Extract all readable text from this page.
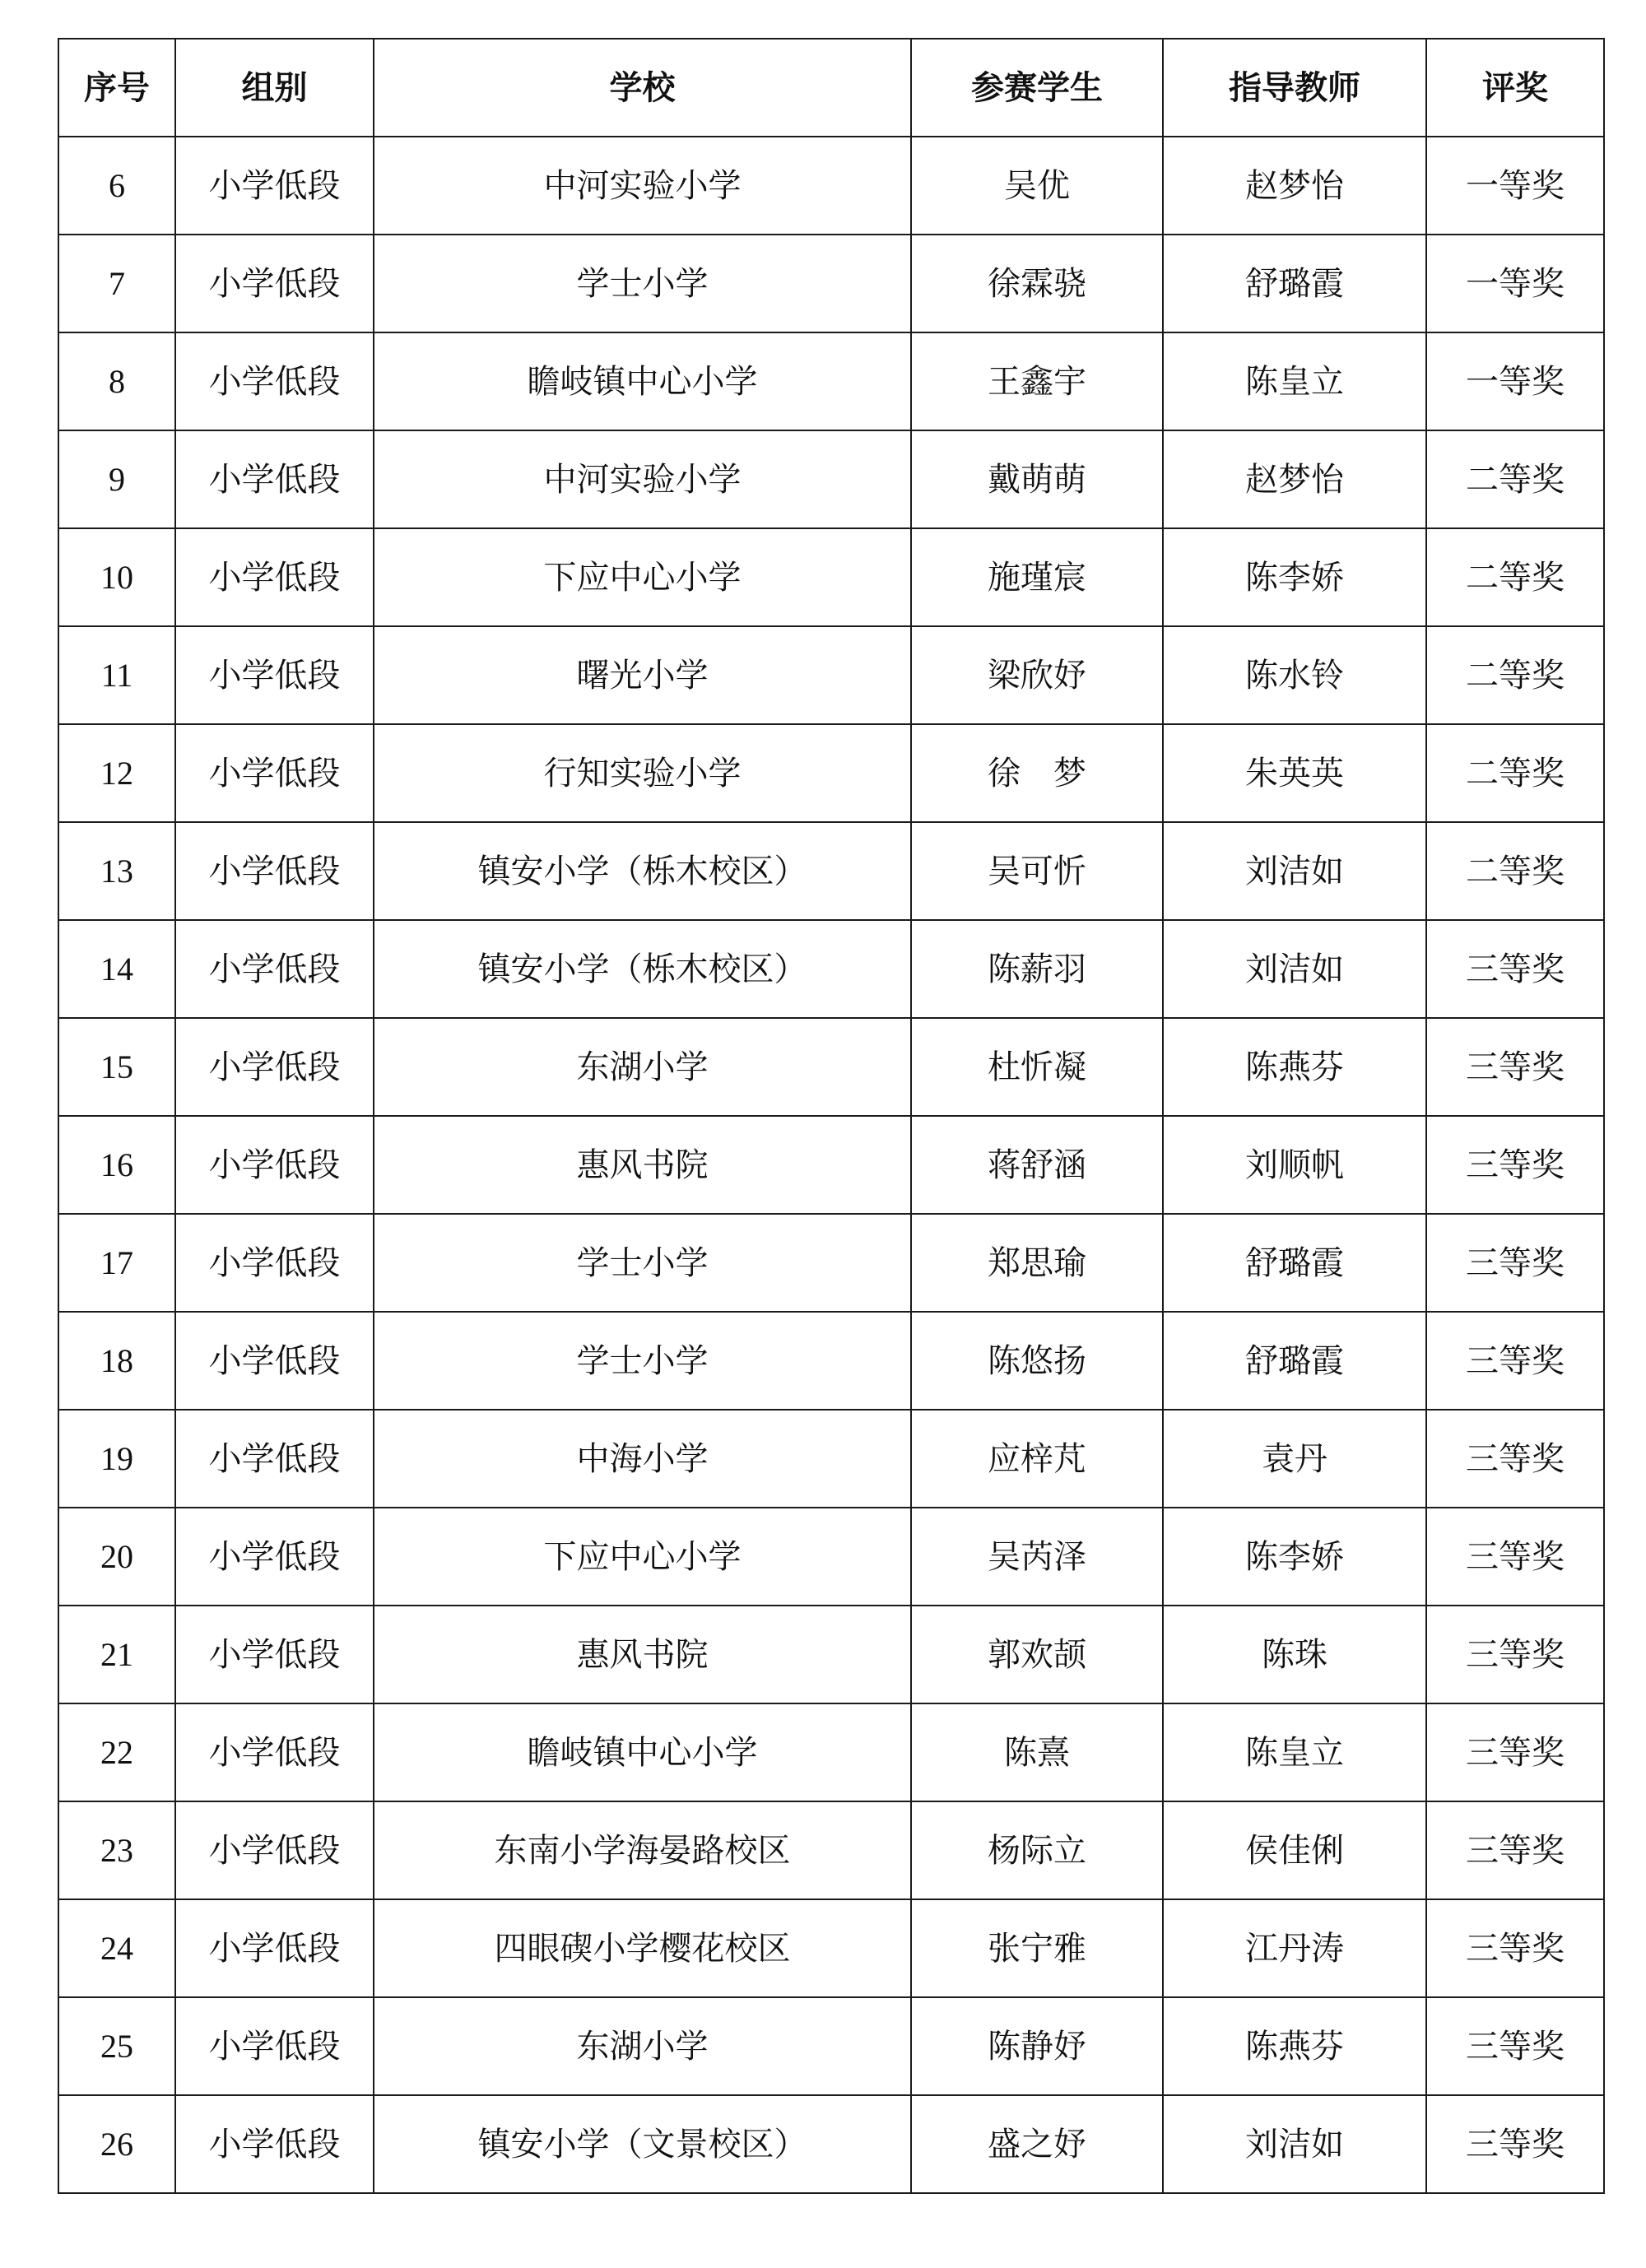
序号	组别	学校	参赛学生	指导教师	评奖
6	小学低段	中河实验小学	吴优	赵梦怡	一等奖
7	小学低段	学士小学	徐霖骁	舒璐霞	一等奖
8	小学低段	瞻岐镇中心小学	王鑫宇	陈皇立	一等奖
9	小学低段	中河实验小学	戴萌萌	赵梦怡	二等奖
10	小学低段	下应中心小学	施瑾宸	陈李娇	二等奖
11	小学低段	曙光小学	梁欣妤	陈水铃	二等奖
12	小学低段	行知实验小学	徐　梦	朱英英	二等奖
13	小学低段	镇安小学（栎木校区）	吴可忻	刘洁如	二等奖
14	小学低段	镇安小学（栎木校区）	陈薪羽	刘洁如	三等奖
15	小学低段	东湖小学	杜忻凝	陈燕芬	三等奖
16	小学低段	惠风书院	蒋舒涵	刘顺帆	三等奖
17	小学低段	学士小学	郑思瑜	舒璐霞	三等奖
18	小学低段	学士小学	陈悠扬	舒璐霞	三等奖
19	小学低段	中海小学	应梓芃	袁丹	三等奖
20	小学低段	下应中心小学	吴芮泽	陈李娇	三等奖
21	小学低段	惠风书院	郭欢颉	陈珠	三等奖
22	小学低段	瞻岐镇中心小学	陈熹	陈皇立	三等奖
23	小学低段	东南小学海晏路校区	杨际立	侯佳俐	三等奖
24	小学低段	四眼碶小学樱花校区	张宁雅	江丹涛	三等奖
25	小学低段	东湖小学	陈静妤	陈燕芬	三等奖
26	小学低段	镇安小学（文景校区）	盛之妤	刘洁如	三等奖
